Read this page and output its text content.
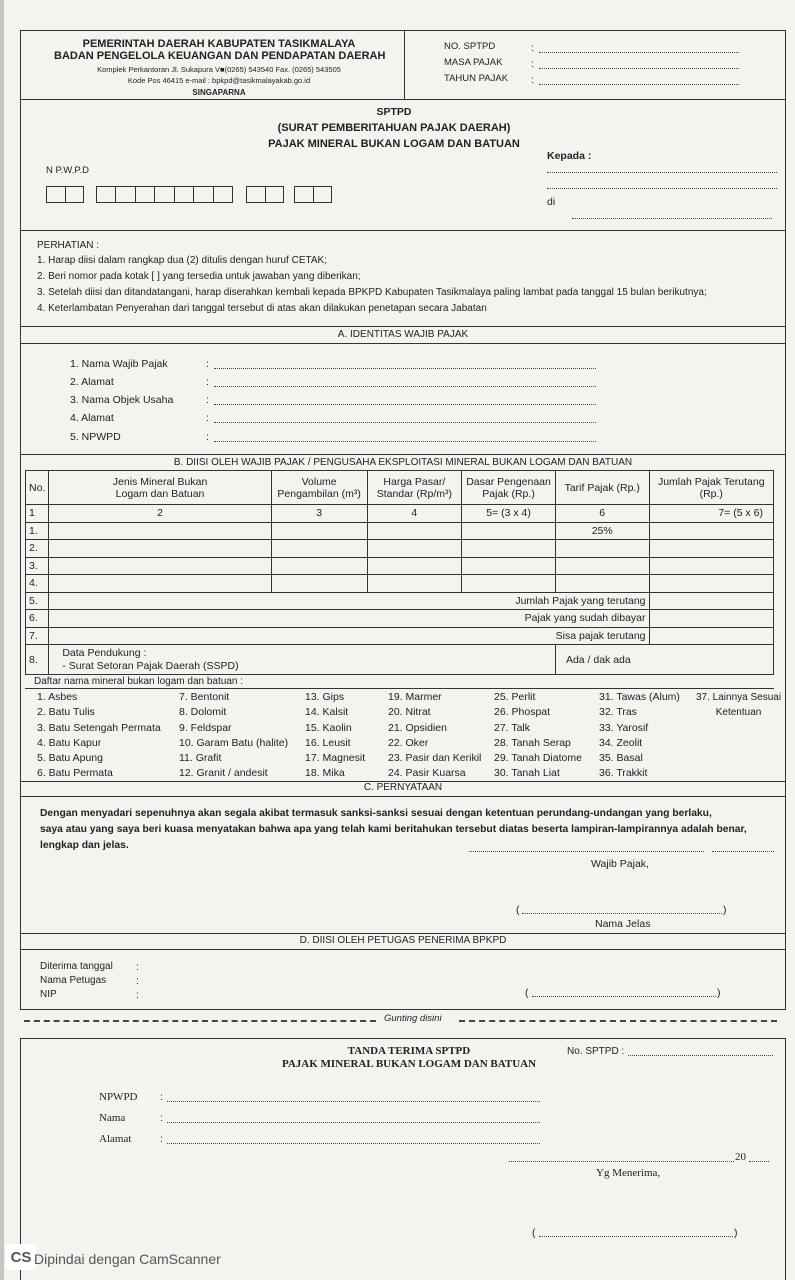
PEMERINTAH DAERAH KABUPATEN TASIKMALAYA
BADAN PENGELOLA KEUANGAN DAN PENDAPATAN DAERAH
Komplek Perkantoran Jl. Sukapura V■(0265) 543540 Fax. (0265) 543505
Kode Pos 46415 e-mail : bpkpd@tasikmalayakab.go.id
SINGAPARNA
NO. SPTPD
MASA PAJAK
TAHUN PAJAK
:
:
:
SPTPD
(SURAT PEMBERITAHUAN PAJAK DAERAH)
PAJAK MINERAL BUKAN LOGAM DAN BATUAN
Kepada :
di
N P.W.P.D
PERHATIAN :
1. Harap diisi dalam rangkap dua (2) ditulis dengan huruf CETAK;
2. Beri nomor pada kotak [ ] yang tersedia untuk jawaban yang diberikan;
3. Setelah diisi dan ditandatangani, harap diserahkan kembali kepada BPKPD Kabupaten Tasikmalaya paling lambat pada tanggal 15 bulan berikutnya;
4. Keterlambatan Penyerahan dari tanggal tersebut di atas akan dilakukan penetapan secara Jabatan
A. IDENTITAS WAJIB PAJAK
1. Nama Wajib Pajak
2. Alamat
3. Nama Objek Usaha
4. Alamat
5. NPWPD
:
:
:
:
:
B. DIISI OLEH WAJIB PAJAK / PENGUSAHA EKSPLOITASI MINERAL BUKAN LOGAM DAN BATUAN
No.	Jenis Mineral Bukan Logam dan Batuan	Volume Pengambilan (m³)	Harga Pasar/ Standar (Rp/m³)	Dasar Pengenaan Pajak (Rp.)	Tarif Pajak (Rp.)	Jumlah Pajak Terutang (Rp.)
1	2	3	4	5= (3 x 4)	6	7= (5 x 6)
1.					25%	
2.						
3.						
4.						
5.	Jumlah Pajak yang terutang					
6.	Pajak yang sudah dibayar					
7.	Sisa pajak terutang					
8.	Data Pendukung :
- Surat Setoran Pajak Daerah (SSPD)				Ada / dak ada	
Daftar nama mineral bukan logam dan batuan :
1. Asbes
2. Batu Tulis
3. Batu Setengah Permata
4. Batu Kapur
5. Batu Apung
6. Batu Permata
7. Bentonit
8. Dolomit
9. Feldspar
10. Garam Batu (halite)
11. Grafit
12. Granit / andesit
13. Gips
14. Kalsit
15. Kaolin
16. Leusit
17. Magnesit
18. Mika
19. Marmer
20. Nitrat
21. Opsidien
22. Oker
23. Pasir dan Kerikil
24. Pasir Kuarsa
25. Perlit
26. Phospat
27. Talk
28. Tanah Serap
29. Tanah Diatome
30. Tanah Liat
31. Tawas (Alum)
32. Tras
33. Yarosif
34. Zeolit
35. Basal
36. Trakkit
37. Lainnya Sesuai
Ketentuan
C. PERNYATAAN
Dengan menyadari sepenuhnya akan segala akibat termasuk sanksi-sanksi sesuai dengan ketentuan perundang-undangan yang berlaku,
saya atau yang saya beri kuasa menyatakan bahwa apa yang telah kami beritahukan tersebut diatas beserta lampiran-lampirannya adalah benar,
lengkap dan jelas.
Wajib Pajak,
(	)
Nama Jelas
D. DIISI OLEH PETUGAS PENERIMA BPKPD
Diterima tanggal
Nama Petugas
NIP
:
:
:	(	)
Gunting disini
TANDA TERIMA SPTPD
PAJAK MINERAL BUKAN LOGAM DAN BATUAN
No. SPTPD :
NPWPD
Nama
Alamat
:
:
:
20
Yg Menerima,
(	)
CS Dipindai dengan CamScanner
